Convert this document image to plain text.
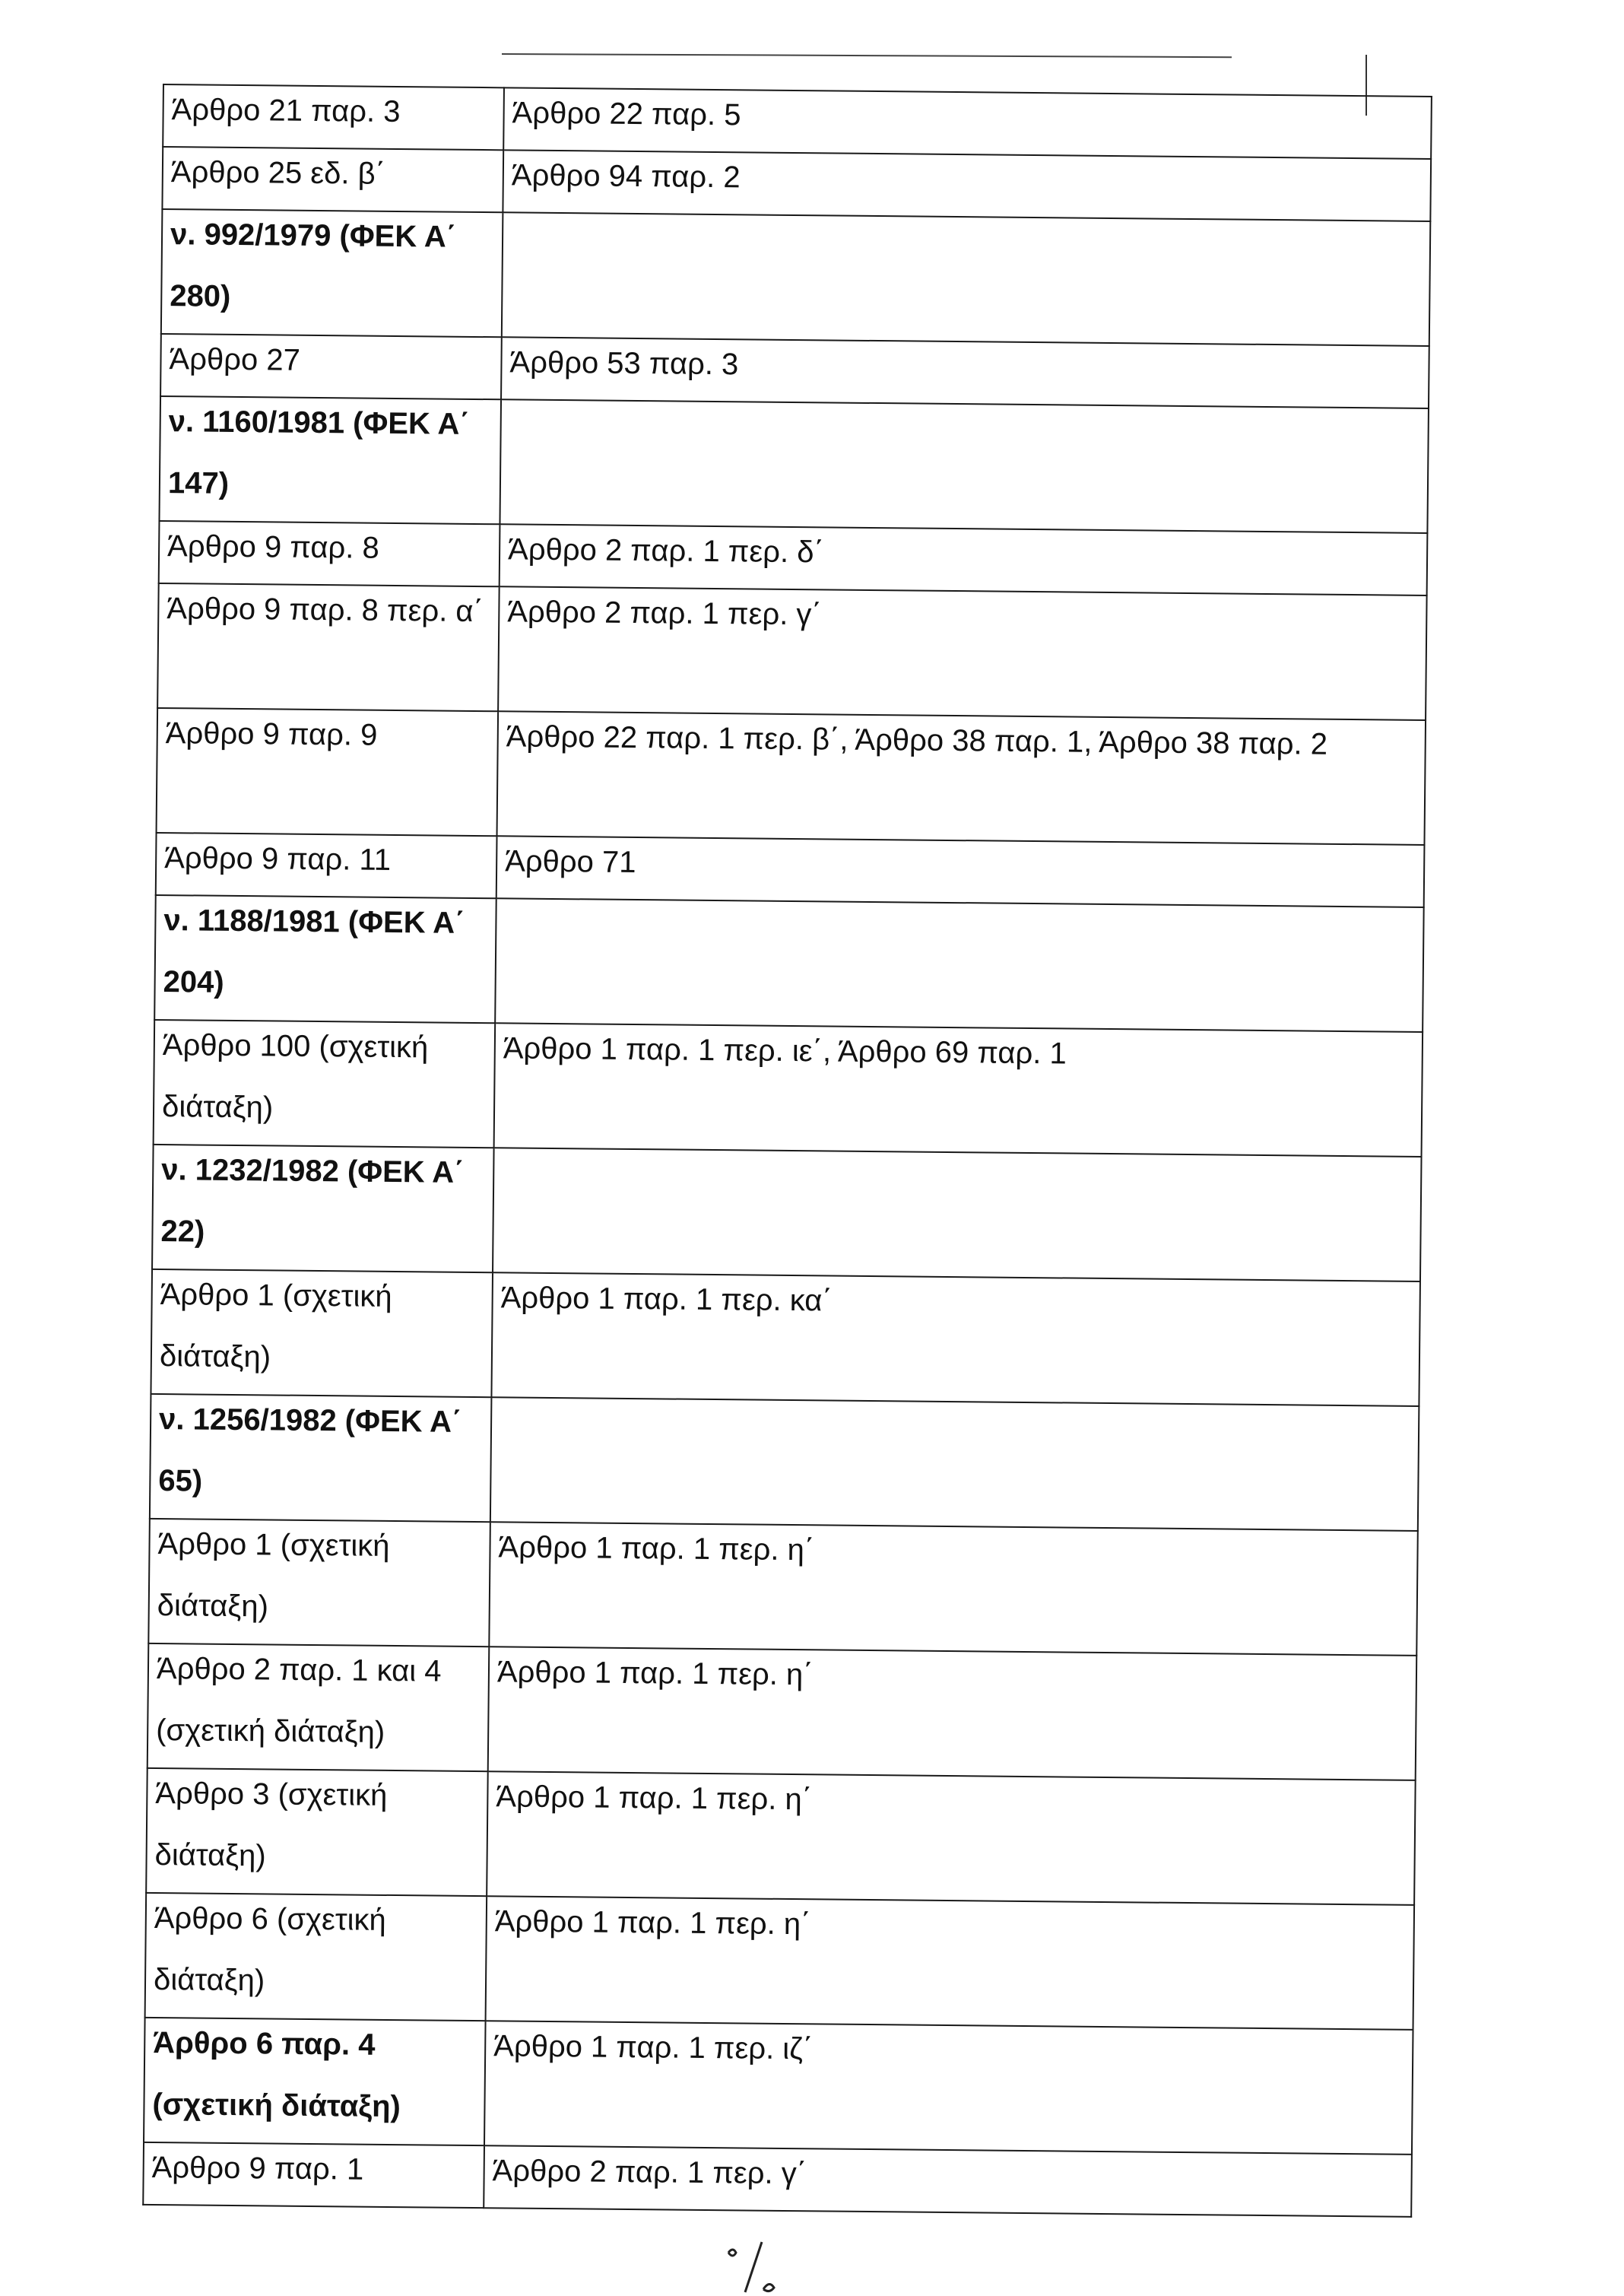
Άρθρο 21 παρ. 3	Άρθρο 22 παρ. 5

Άρθρο 25 εδ. β΄	Άρθρο 94 παρ. 2

ν. 992/1979 (ΦΕΚ Α΄ 280)	

Άρθρο 27	Άρθρο 53 παρ. 3

ν. 1160/1981 (ΦΕΚ Α΄ 147)	

Άρθρο 9 παρ. 8	Άρθρο 2 παρ. 1 περ. δ΄

Άρθρο 9 παρ. 8 περ. α΄	Άρθρο 2 παρ. 1 περ. γ΄

Άρθρο 9 παρ. 9	Άρθρο 22 παρ. 1 περ. β΄, Άρθρο 38 παρ. 1, Άρθρο 38 παρ. 2

Άρθρο 9 παρ. 11	Άρθρο 71

ν. 1188/1981 (ΦΕΚ Α΄ 204)	

Άρθρο 100 (σχετική διάταξη)	Άρθρο 1 παρ. 1 περ. ιε΄, Άρθρο 69 παρ. 1

ν. 1232/1982 (ΦΕΚ Α΄ 22)	

Άρθρο 1 (σχετική διάταξη)	Άρθρο 1 παρ. 1 περ. κα΄

ν. 1256/1982 (ΦΕΚ Α΄ 65)	

Άρθρο 1 (σχετική διάταξη)	Άρθρο 1 παρ. 1 περ. η΄

Άρθρο 2 παρ. 1 και 4 (σχετική διάταξη)	Άρθρο 1 παρ. 1 περ. η΄

Άρθρο 3 (σχετική διάταξη)	Άρθρο 1 παρ. 1 περ. η΄

Άρθρο 6 (σχετική διάταξη)	Άρθρο 1 παρ. 1 περ. η΄

Άρθρο 6 παρ. 4 (σχετική διάταξη)	Άρθρο 1 παρ. 1 περ. ιζ΄

Άρθρο 9 παρ. 1	Άρθρο 2 παρ. 1 περ. γ΄
